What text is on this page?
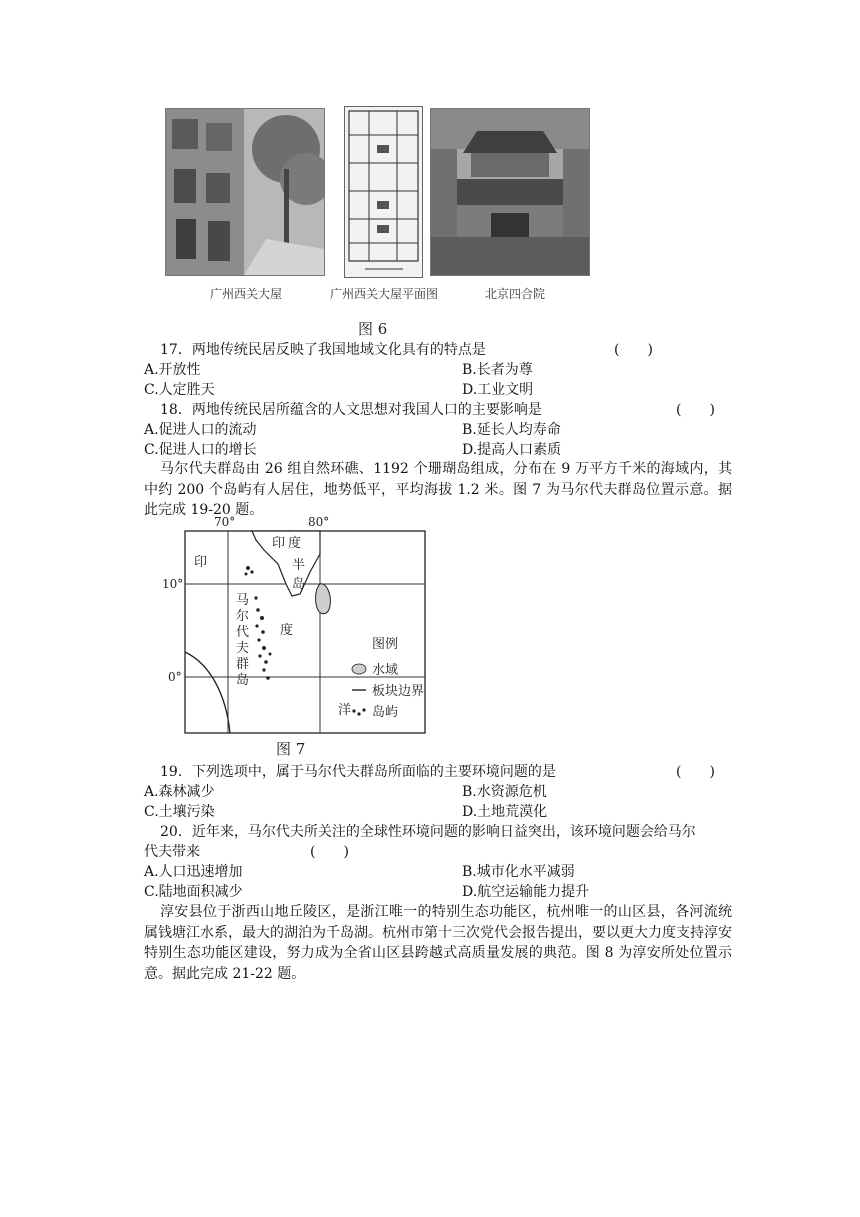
广州西关大屋	广州西关大屋平面图	北京四合院
图 6
17．两地传统民居反映了我国地域文化具有的特点是	(　　)
A.开放性	B.长者为尊
C.人定胜天	D.工业文明
18．两地传统民居所蕴含的人文思想对我国人口的主要影响是	(　　)
A.促进人口的流动	B.延长人均寿命
C.促进人口的增长	D.提高人口素质
马尔代夫群岛由 26 组自然环礁、1192 个珊瑚岛组成，分布在 9 万平方千米的海域内，其中约 200 个岛屿有人居住，地势低平，平均海拔 1.2 米。图 7 为马尔代夫群岛位置示意。据此完成 19-20 题。
70°	80°
10°
0°
印
度
洋
印 度
半
岛
马
尔
代
夫
群
岛
图例
水域
板块边界
岛屿
图 7
19．下列选项中，属于马尔代夫群岛所面临的主要环境问题的是	(　　)
A.森林减少	B.水资源危机
C.土壤污染	D.土地荒漠化
20．近年来，马尔代夫所关注的全球性环境问题的影响日益突出，该环境问题会给马尔
代夫带来	(　　)
A.人口迅速增加	B.城市化水平减弱
C.陆地面积减少	D.航空运输能力提升
淳安县位于浙西山地丘陵区，是浙江唯一的特别生态功能区，杭州唯一的山区县，各河流统属钱塘江水系，最大的湖泊为千岛湖。杭州市第十三次党代会报告提出，要以更大力度支持淳安特别生态功能区建设，努力成为全省山区县跨越式高质量发展的典范。图 8 为淳安所处位置示意。据此完成 21-22 题。
